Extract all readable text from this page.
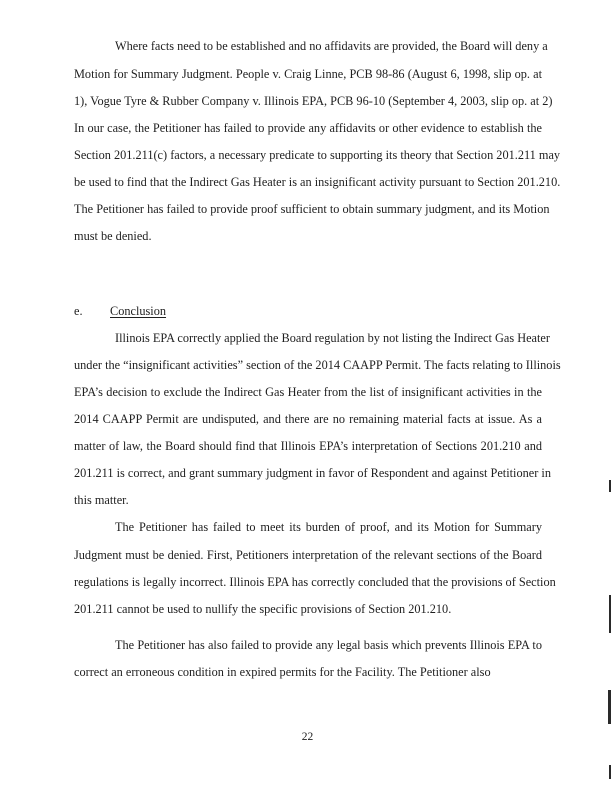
Where facts need to be established and no affidavits are provided, the Board will deny a
Motion for Summary Judgment. People v. Craig Linne, PCB 98-86 (August 6, 1998, slip op. at
1), Vogue Tyre & Rubber Company v. Illinois EPA, PCB 96-10 (September 4, 2003, slip op. at 2)
In our case, the Petitioner has failed to provide any affidavits or other evidence to establish the
Section 201.211(c) factors, a necessary predicate to supporting its theory that Section 201.211 may
be used to find that the Indirect Gas Heater is an insignificant activity pursuant to Section 201.210.
The Petitioner has failed to provide proof sufficient to obtain summary judgment, and its Motion
must be denied.
e. Conclusion
Illinois EPA correctly applied the Board regulation by not listing the Indirect Gas Heater
under the “insignificant activities” section of the 2014 CAAPP Permit. The facts relating to Illinois
EPA’s decision to exclude the Indirect Gas Heater from the list of insignificant activities in the
2014 CAAPP Permit are undisputed, and there are no remaining material facts at issue. As a
matter of law, the Board should find that Illinois EPA’s interpretation of Sections 201.210 and
201.211 is correct, and grant summary judgment in favor of Respondent and against Petitioner in
this matter.
The Petitioner has failed to meet its burden of proof, and its Motion for Summary
Judgment must be denied. First, Petitioners interpretation of the relevant sections of the Board
regulations is legally incorrect. Illinois EPA has correctly concluded that the provisions of Section
201.211 cannot be used to nullify the specific provisions of Section 201.210.
The Petitioner has also failed to provide any legal basis which prevents Illinois EPA to
correct an erroneous condition in expired permits for the Facility. The Petitioner also
22
